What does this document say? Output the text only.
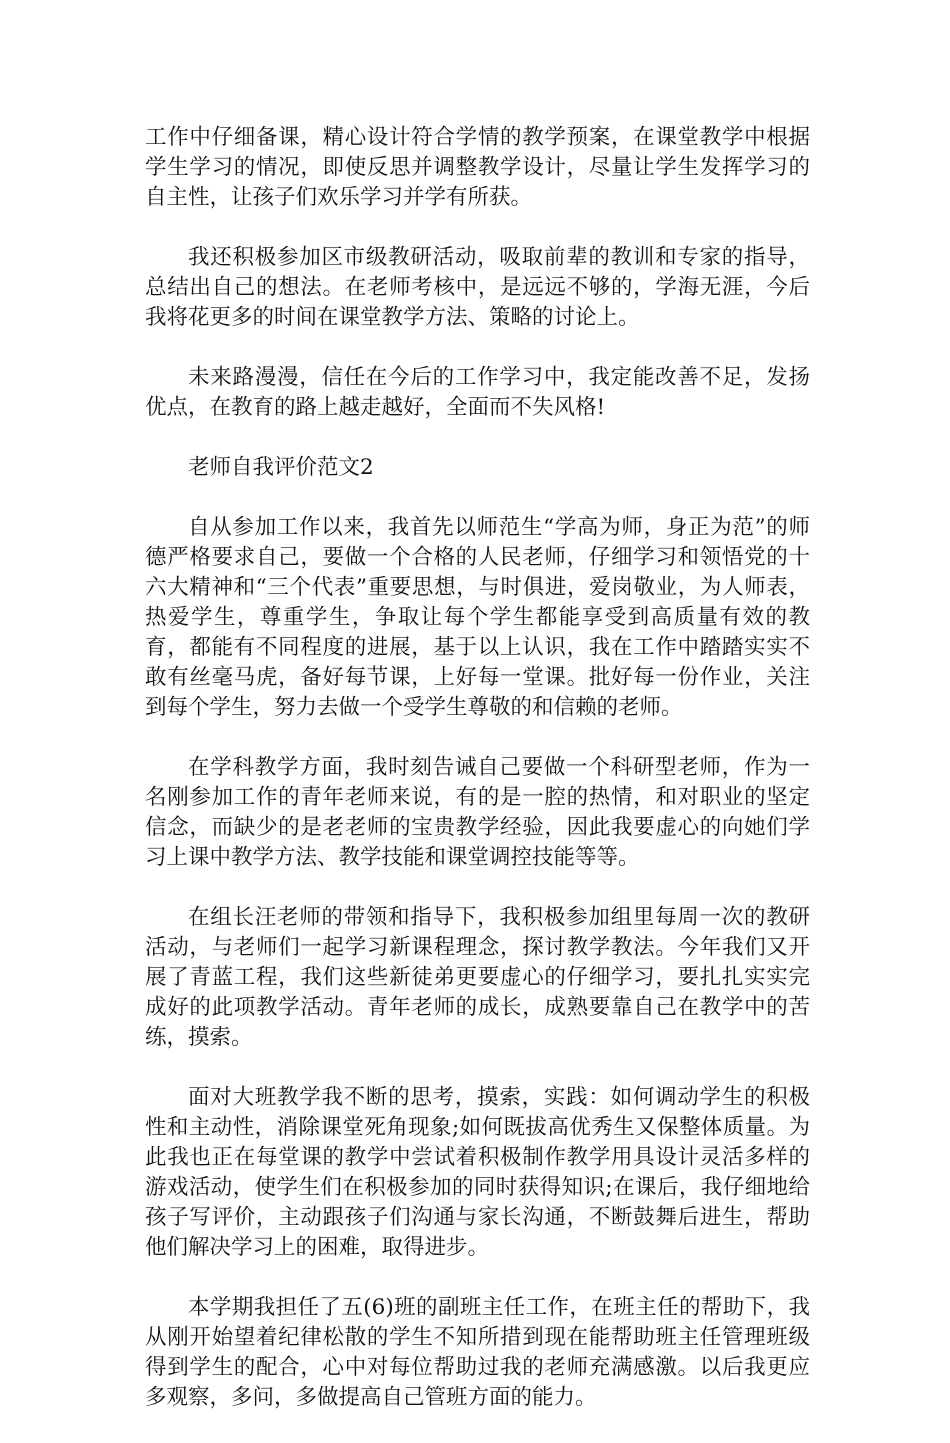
工作中仔细备课，精心设计符合学情的教学预案，在课堂教学中根据学生学习的情况，即使反思并调整教学设计，尽量让学生发挥学习的自主性，让孩子们欢乐学习并学有所获。

我还积极参加区市级教研活动，吸取前辈的教训和专家的指导，总结出自己的想法。在老师考核中，是远远不够的，学海无涯，今后我将花更多的时间在课堂教学方法、策略的讨论上。

未来路漫漫，信任在今后的工作学习中，我定能改善不足，发扬优点，在教育的路上越走越好，全面而不失风格!

老师自我评价范文2

自从参加工作以来，我首先以师范生“学高为师，身正为范”的师德严格要求自己，要做一个合格的人民老师，仔细学习和领悟党的十六大精神和“三个代表”重要思想，与时俱进，爱岗敬业，为人师表，热爱学生，尊重学生，争取让每个学生都能享受到高质量有效的教育，都能有不同程度的进展，基于以上认识，我在工作中踏踏实实不敢有丝毫马虎，备好每节课，上好每一堂课。批好每一份作业，关注到每个学生，努力去做一个受学生尊敬的和信赖的老师。

在学科教学方面，我时刻告诫自己要做一个科研型老师，作为一名刚参加工作的青年老师来说，有的是一腔的热情，和对职业的坚定信念，而缺少的是老老师的宝贵教学经验，因此我要虚心的向她们学习上课中教学方法、教学技能和课堂调控技能等等。

在组长汪老师的带领和指导下，我积极参加组里每周一次的教研活动，与老师们一起学习新课程理念，探讨教学教法。今年我们又开展了青蓝工程，我们这些新徒弟更要虚心的仔细学习，要扎扎实实完成好的此项教学活动。青年老师的成长，成熟要靠自己在教学中的苦练，摸索。

面对大班教学我不断的思考，摸索，实践：如何调动学生的积极性和主动性，消除课堂死角现象;如何既拔高优秀生又保整体质量。为此我也正在每堂课的教学中尝试着积极制作教学用具设计灵活多样的游戏活动，使学生们在积极参加的同时获得知识;在课后，我仔细地给孩子写评价，主动跟孩子们沟通与家长沟通，不断鼓舞后进生，帮助他们解决学习上的困难，取得进步。

本学期我担任了五(6)班的副班主任工作，在班主任的帮助下，我从刚开始望着纪律松散的学生不知所措到现在能帮助班主任管理班级得到学生的配合，心中对每位帮助过我的老师充满感激。以后我更应多观察，多问，多做提高自己管班方面的能力。
